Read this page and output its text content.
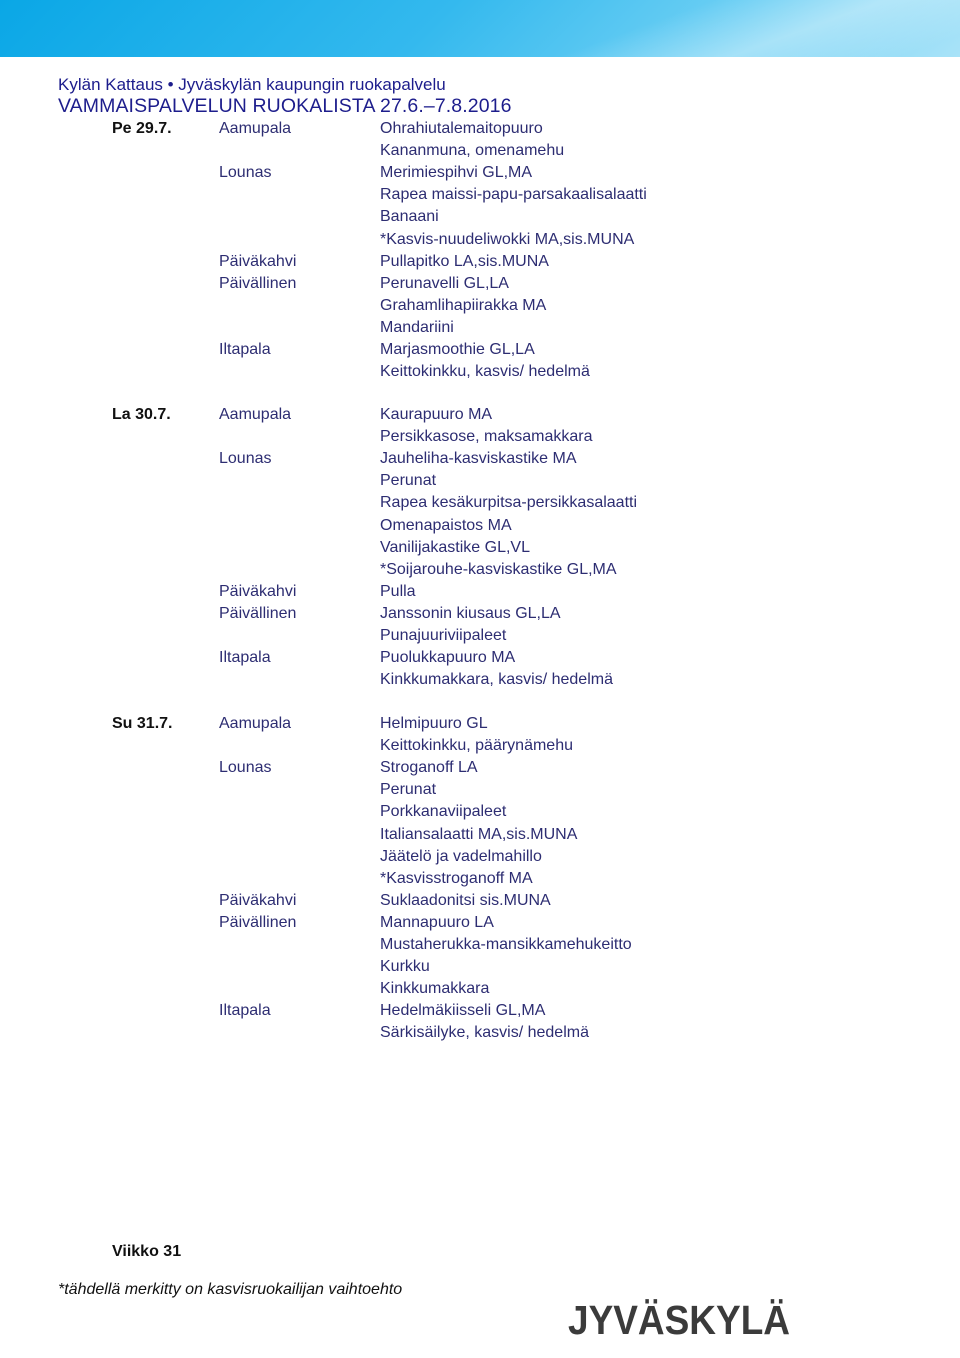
Kylän Kattaus • Jyväskylän kaupungin ruokapalvelu
VAMMAISPALVELUN RUOKALISTA 27.6.–7.8.2016
Pe 29.7.	Aamupala	Ohrahiutalemaitopuuro
Kananmuna, omenamehu
Lounas	Merimiespihvi GL,MA
Rapea maissi-papu-parsakaalisalaatti
Banaani
*Kasvis-nuudeliwokki MA,sis.MUNA
Päiväkahvi	Pullapitko LA,sis.MUNA
Päivällinen	Perunavelli GL,LA
Grahamlihapiirakka MA
Mandariini
Iltapala	Marjasmoothie GL,LA
Keittokinkku, kasvis/ hedelmä
La 30.7.	Aamupala	Kaurapuuro MA
Persikkasose, maksamakkara
Lounas	Jauheliha-kasviskastike MA
Perunat
Rapea kesäkurpitsa-persikkasalaatti
Omenapaistos MA
Vanilijakastike GL,VL
*Soijarouhe-kasviskastike GL,MA
Päiväkahvi	Pulla
Päivällinen	Janssonin kiusaus GL,LA
Punajuuriviipaleet
Iltapala	Puolukkapuuro MA
Kinkkumakkara, kasvis/ hedelmä
Su 31.7.	Aamupala	Helmipuuro GL
Keittokinkku, päärynämehu
Lounas	Stroganoff LA
Perunat
Porkkanaviipaleet
Italiansalaatti MA,sis.MUNA
Jäätelö ja vadelmahillo
*Kasvisstroganoff MA
Päiväkahvi	Suklaadonitsi sis.MUNA
Päivällinen	Mannapuuro LA
Mustaherukka-mansikkamehukeitto
Kurkku
Kinkkumakkara
Iltapala	Hedelmäkiisseli GL,MA
Särkisäilyke, kasvis/ hedelmä
Viikko 31
*tähdellä merkitty on kasvisruokailijan vaihtoehto
JYVÄSKYLÄ
